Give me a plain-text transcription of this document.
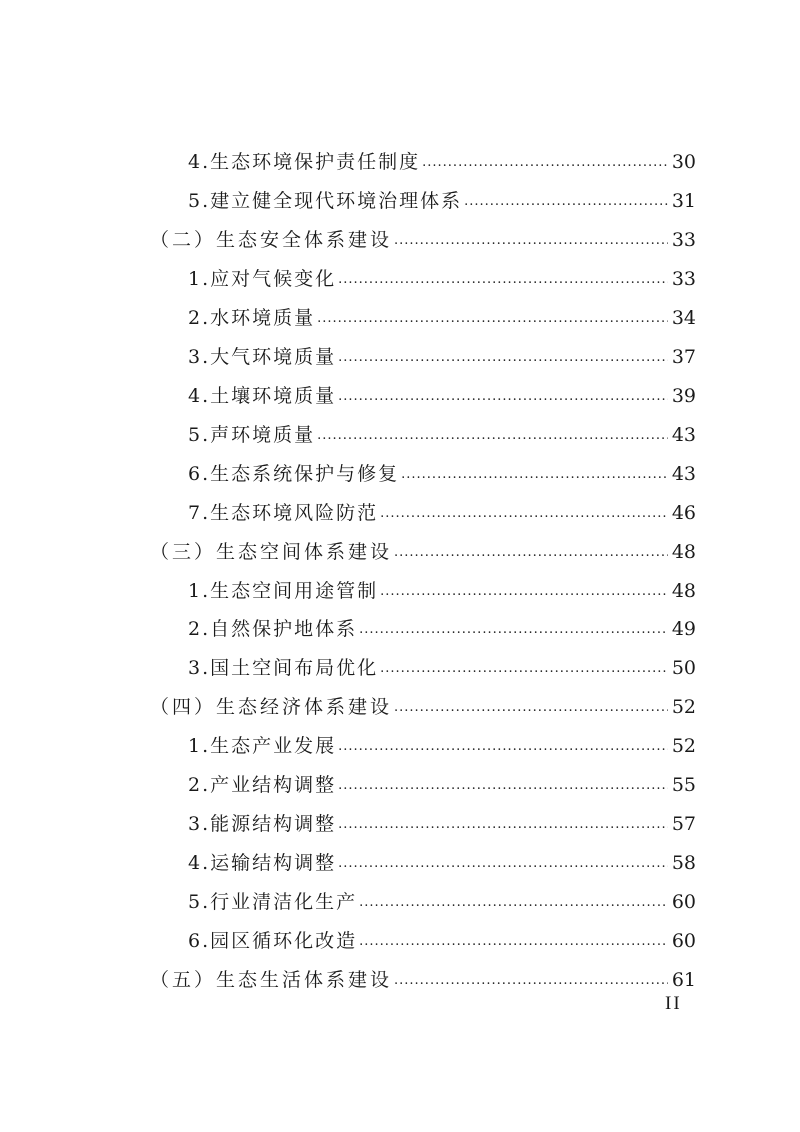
4.生态环境保护责任制度 .....	30
5.建立健全现代环境治理体系 .....	31
（二）生态安全体系建设 .....	33
1.应对气候变化 .....	33
2.水环境质量 .....	34
3.大气环境质量 .....	37
4.土壤环境质量 .....	39
5.声环境质量 .....	43
6.生态系统保护与修复 .....	43
7.生态环境风险防范 .....	46
（三）生态空间体系建设 .....	48
1.生态空间用途管制 .....	48
2.自然保护地体系 .....	49
3.国土空间布局优化 .....	50
（四）生态经济体系建设 .....	52
1.生态产业发展 .....	52
2.产业结构调整 .....	55
3.能源结构调整 .....	57
4.运输结构调整 .....	58
5.行业清洁化生产 .....	60
6.园区循环化改造 .....	60
（五）生态生活体系建设 .....	61
II
